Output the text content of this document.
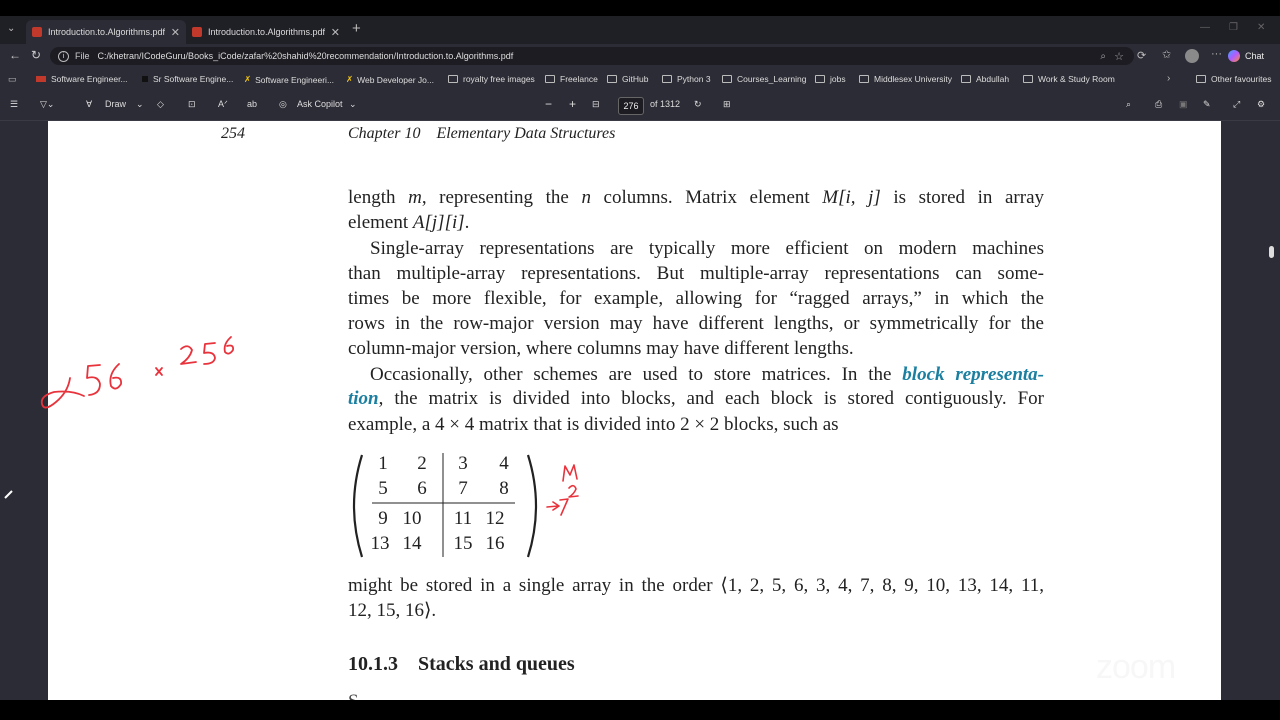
⌄	Introduction.to.Algorithms.pdf ✕	Introduction.to.Algorithms.pdf ✕ +	— ❐ ✕
← ↻	i	File C:/khetran/ICodeGuru/Books_iCode/zafar%20shahid%20recommendation/Introduction.to.Algorithms.pdf	⌕ ☆ ⟳ ✩	···	Chat
▭	Software Engineer...	Sr Software Engine... ✗ Software Engineeri... ✗ Web Developer Jo...	royalty free images	Freelance	GitHub	Python 3	Courses_Learning	jobs	Middlesex University	Abdullah	Work & Study Room	›	Other favourites
☰ ▽⌄	∀ Draw ⌄ ◇	⊡ Aᐟ ab ◎ Ask Copilot ⌄	− + ⊟	276	of 1312 ↻ ⊞	⌕	⎙ ▣ ✎ ⤢ ⚙
254	Chapter 10    Elementary Data Structures
length m, representing the n columns. Matrix element M[i, j] is stored in array
element A[j][i].
Single-array representations are typically more efficient on modern machines
than multiple-array representations. But multiple-array representations can some-
times be more flexible, for example, allowing for “ragged arrays,” in which the
rows in the row-major version may have different lengths, or symmetrically for the
column-major version, where columns may have different lengths.
Occasionally, other schemes are used to store matrices. In the block representa-
tion, the matrix is divided into blocks, and each block is stored contiguously. For
example, a 4 × 4 matrix that is divided into 2 × 2 blocks, such as
1	2	3	4
5	6	7	8
9 10 11 12
13 14 15 16
might be stored in a single array in the order ⟨1, 2, 5, 6, 3, 4, 7, 8, 9, 10, 13, 14, 11,
12, 15, 16⟩.
10.1.3    Stacks and queues	zoom
